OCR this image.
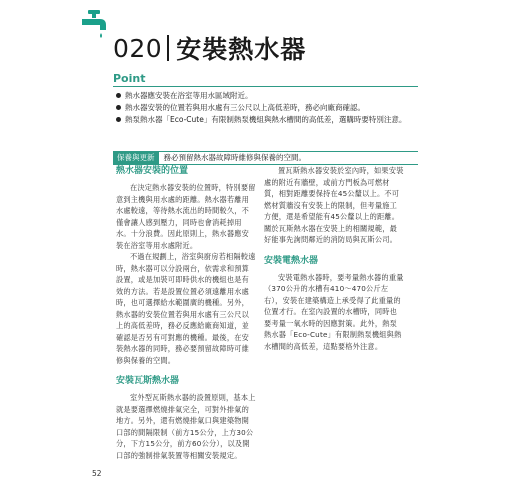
020 安裝熱水器
Point
熱水器應安裝在浴室等用水區域附近。
熱水器安裝的位置若與用水處有三公尺以上高低差時，務必向廠商確認。
熱泵熱水器「Eco-Cute」有限制熱泵機組與熱水槽間的高低差，選購時要特別注意。
保養與更新	務必預留熱水器故障時維修與保養的空間。
熱水器安裝的位置

在決定熱水器安裝的位置時，特別要留意到主機與用水處的距離。熱水器若離用水處較遠，等待熱水流出的時間較久，不僅會讓人感到壓力，同時也會消耗掉用水。十分浪費。因此原則上，熱水器應安裝在浴室等用水處附近。

不過在規劃上，浴室與廚房若相隔較遠時，熱水器可以分設兩台，依需求和預算設置，或是加裝可即時供水的機組也是有效的方法。若是設置位置必須遠離用水處時，也可選擇給水範圍廣的機種。另外，熱水器的安裝位置若與用水處有三公尺以上的高低差時，務必反應給廠商知道，並確認是否另有可對應的機種。最後，在安裝熱水器的同時，務必要預留故障時可維修與保養的空間。

安裝瓦斯熱水器

室外型瓦斯熱水器的設置原則，基本上就是要選擇燃燒排氣完全，可對外排氣的地方。另外，還有燃燒排氣口與建築物開口部的間隔限制（前方15公分，上方30公分，下方15公分，前方60公分），以及開口部的強制排氣裝置等相關安裝規定。

置瓦斯熱水器安裝於室內時，如果安裝處的附近有牆壁，或前方門板為可燃材質，相對距離要保持在45公釐以上。不可燃材質牆沒有安裝上的限制，但考量施工方便，還是希望能有45公釐以上的距離。關於瓦斯熱水器在安裝上的相關規範，最好能事先詢問鄰近的消防局與瓦斯公司。

安裝電熱水器

安裝電熱水器時，要考量熱水器的重量（370公升的水槽有410～470公斤左右），安裝在建築構造上承受得了此重量的位置才行。在室內設置的水槽時，同時也要考量一氧水時的因應對策。此外，熱泵熱水器「Eco-Cute」有限制熱泵機組與熱水槽間的高低差，這點要格外注意。

52
